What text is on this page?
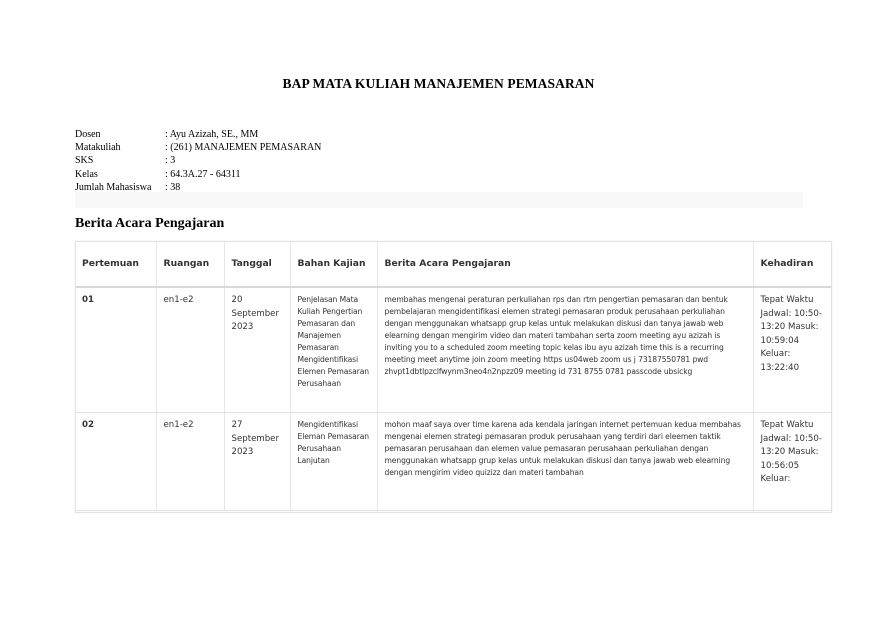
BAP MATA KULIAH MANAJEMEN PEMASARAN
Dosen	: Ayu Azizah, SE., MM
Matakuliah	: (261) MANAJEMEN PEMASARAN
SKS	: 3
Kelas	: 64.3A.27 - 64311
Jumlah Mahasiswa	: 38
Berita Acara Pengajaran
Pertemuan	Ruangan	Tanggal	Bahan Kajian	Berita Acara Pengajaran	Kehadiran
01	en1-e2	20 September 2023	Penjelasan Mata Kuliah Pengertian Pemasaran dan Manajemen Pemasaran Mengidentifikasi Elemen Pemasaran Perusahaan	membahas mengenai peraturan perkuliahan rps dan rtm pengertian pemasaran dan bentuk pembelajaran mengidentifikasi elemen strategi pemasaran produk perusahaan perkuliahan dengan menggunakan whatsapp grup kelas untuk melakukan diskusi dan tanya jawab web elearning dengan mengirim video dan materi tambahan serta zoom meeting ayu azizah is inviting you to a scheduled zoom meeting topic kelas ibu ayu azizah time this is a recurring meeting meet anytime join zoom meeting https us04web zoom us j 73187550781 pwd zhvpt1dbtlpzclfwynm3neo4n2npzz09 meeting id 731 8755 0781 passcode ubsickg	Tepat Waktu Jadwal: 10:50-13:20 Masuk: 10:59:04 Keluar: 13:22:40
02	en1-e2	27 September 2023	Mengidentifikasi Eleman Pemasaran Perusahaan Lanjutan	mohon maaf saya over time karena ada kendala jaringan internet pertemuan kedua membahas mengenai elemen strategi pemasaran produk perusahaan yang terdiri dari eleemen taktik pemasaran perusahaan dan elemen value pemasaran perusahaan perkuliahan dengan menggunakan whatsapp grup kelas untuk melakukan diskusi dan tanya jawab web elearning dengan mengirim video quizizz dan materi tambahan	Tepat Waktu Jadwal: 10:50-13:20 Masuk: 10:56:05 Keluar:
